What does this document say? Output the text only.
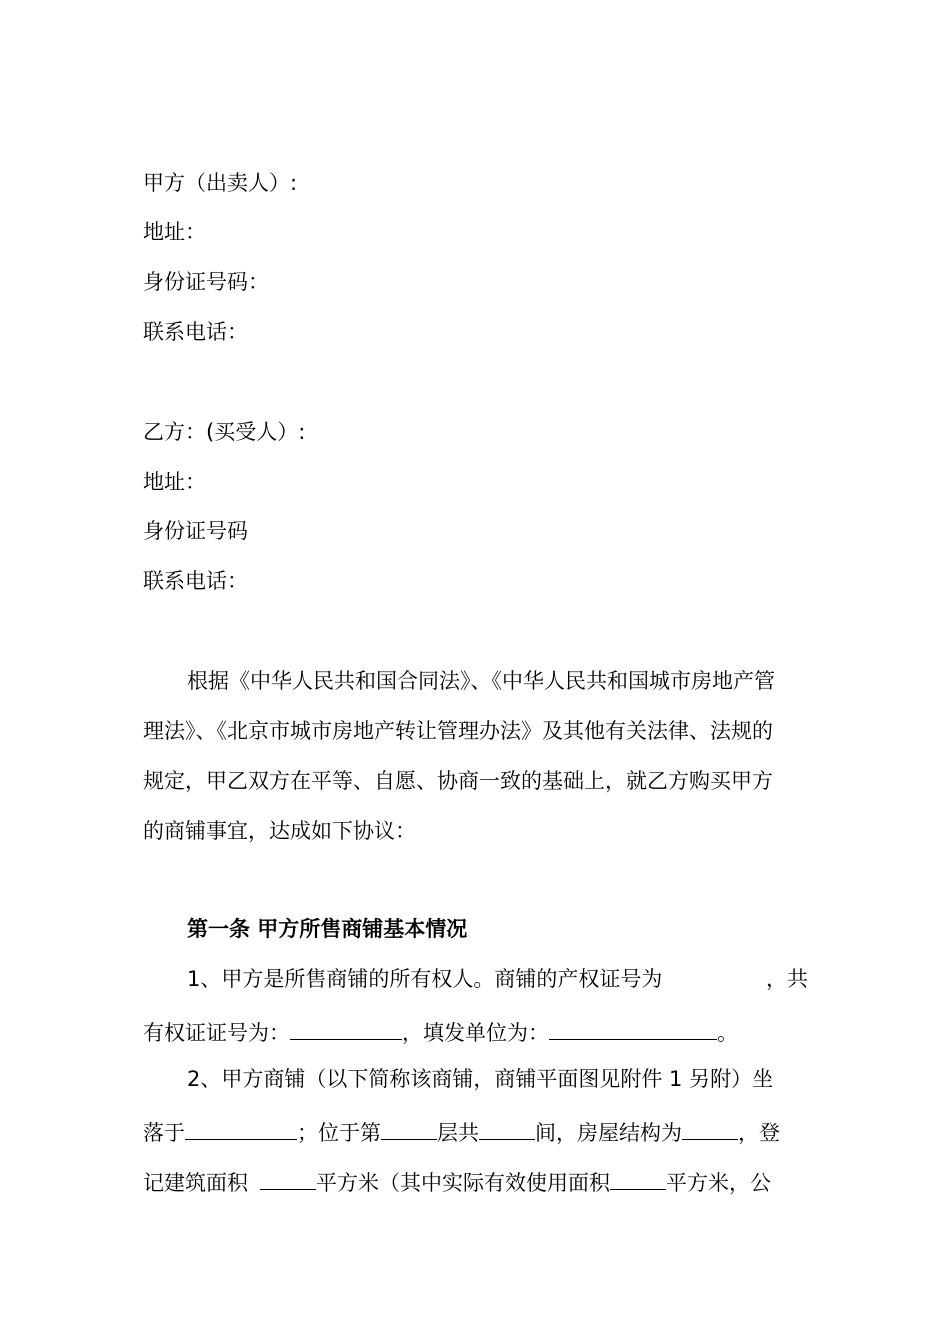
甲方（出卖人）:
地址：
身份证号码：
联系电话：
乙方：(买受人）:
地址：
身份证号码
联系电话：
根据《中华人民共和国合同法》、《中华人民共和国城市房地产管
理法》、《北京市城市房地产转让管理办法》及其他有关法律、法规的
规定，甲乙双方在平等、自愿、协商一致的基础上，就乙方购买甲方
的商铺事宜，达成如下协议：
第一条 甲方所售商铺基本情况
1、甲方是所售商铺的所有权人。商铺的产权证号为	，共
有权证证号为：	，填发单位为：	。
2、甲方商铺（以下简称该商铺，商铺平面图见附件 1 另附）坐
落于	；位于第	层共	间，房屋结构为	，登
记建筑面积	平方米（其中实际有效使用面积	平方米，公
